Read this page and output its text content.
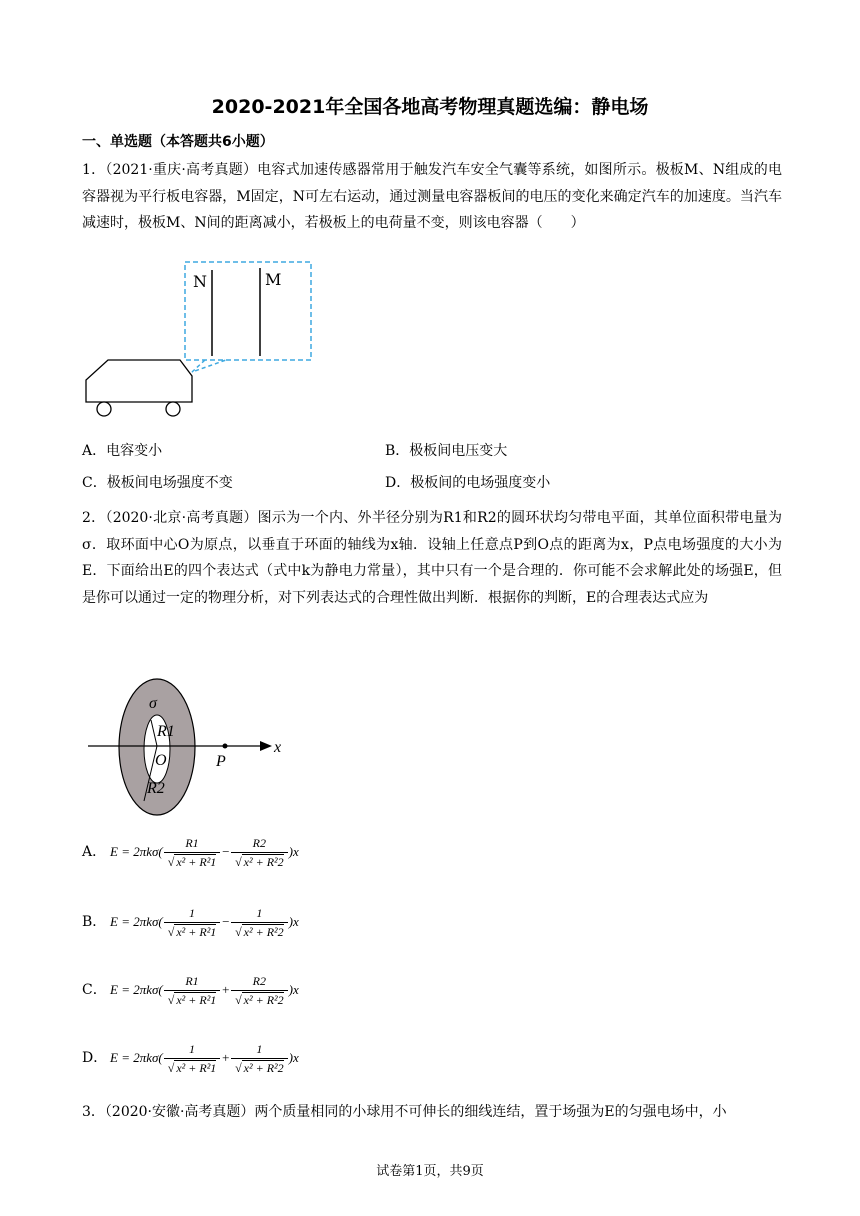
2020-2021年全国各地高考物理真题选编：静电场
一、单选题（本答题共6小题）
1．（2021·重庆·高考真题）电容式加速传感器常用于触发汽车安全气囊等系统，如图所示。极板M、N组成的电容器视为平行板电容器，M固定，N可左右运动，通过测量电容器板间的电压的变化来确定汽车的加速度。当汽车减速时，极板M、N间的距离减小，若极板上的电荷量不变，则该电容器（　　）
N	M
A．电容变小	B．极板间电压变大
C．极板间电场强度不变	D．极板间的电场强度变小
2．（2020·北京·高考真题）图示为一个内、外半径分别为R1和R2的圆环状均匀带电平面，其单位面积带电量为σ．取环面中心O为原点，以垂直于环面的轴线为x轴．设轴上任意点P到O点的距离为x，P点电场强度的大小为E．下面给出E的四个表达式（式中k为静电力常量），其中只有一个是合理的．你可能不会求解此处的场强E，但是你可以通过一定的物理分析，对下列表达式的合理性做出判断．根据你的判断，E的合理表达式应为
σ
R1
O
R2
P
x
A． $E = 2\pi k\sigma( \frac{R1}{\text{√ x² + R²1}} - \frac{R2}{\text{√ x² + R²2}} )x$
B． $E = 2\pi k\sigma( \frac{1}{\text{√ x² + R²1}} - \frac{1}{\text{√ x² + R²2}} )x$
C． $E = 2\pi k\sigma( \frac{R1}{\text{√ x² + R²1}} + \frac{R2}{\text{√ x² + R²2}} )x$
D． $E = 2\pi k\sigma( \frac{1}{\text{√ x² + R²1}} + \frac{1}{\text{√ x² + R²2}} )x$
3．（2020·安徽·高考真题）两个质量相同的小球用不可伸长的细线连结，置于场强为E的匀强电场中，小
试卷第1页，共9页
